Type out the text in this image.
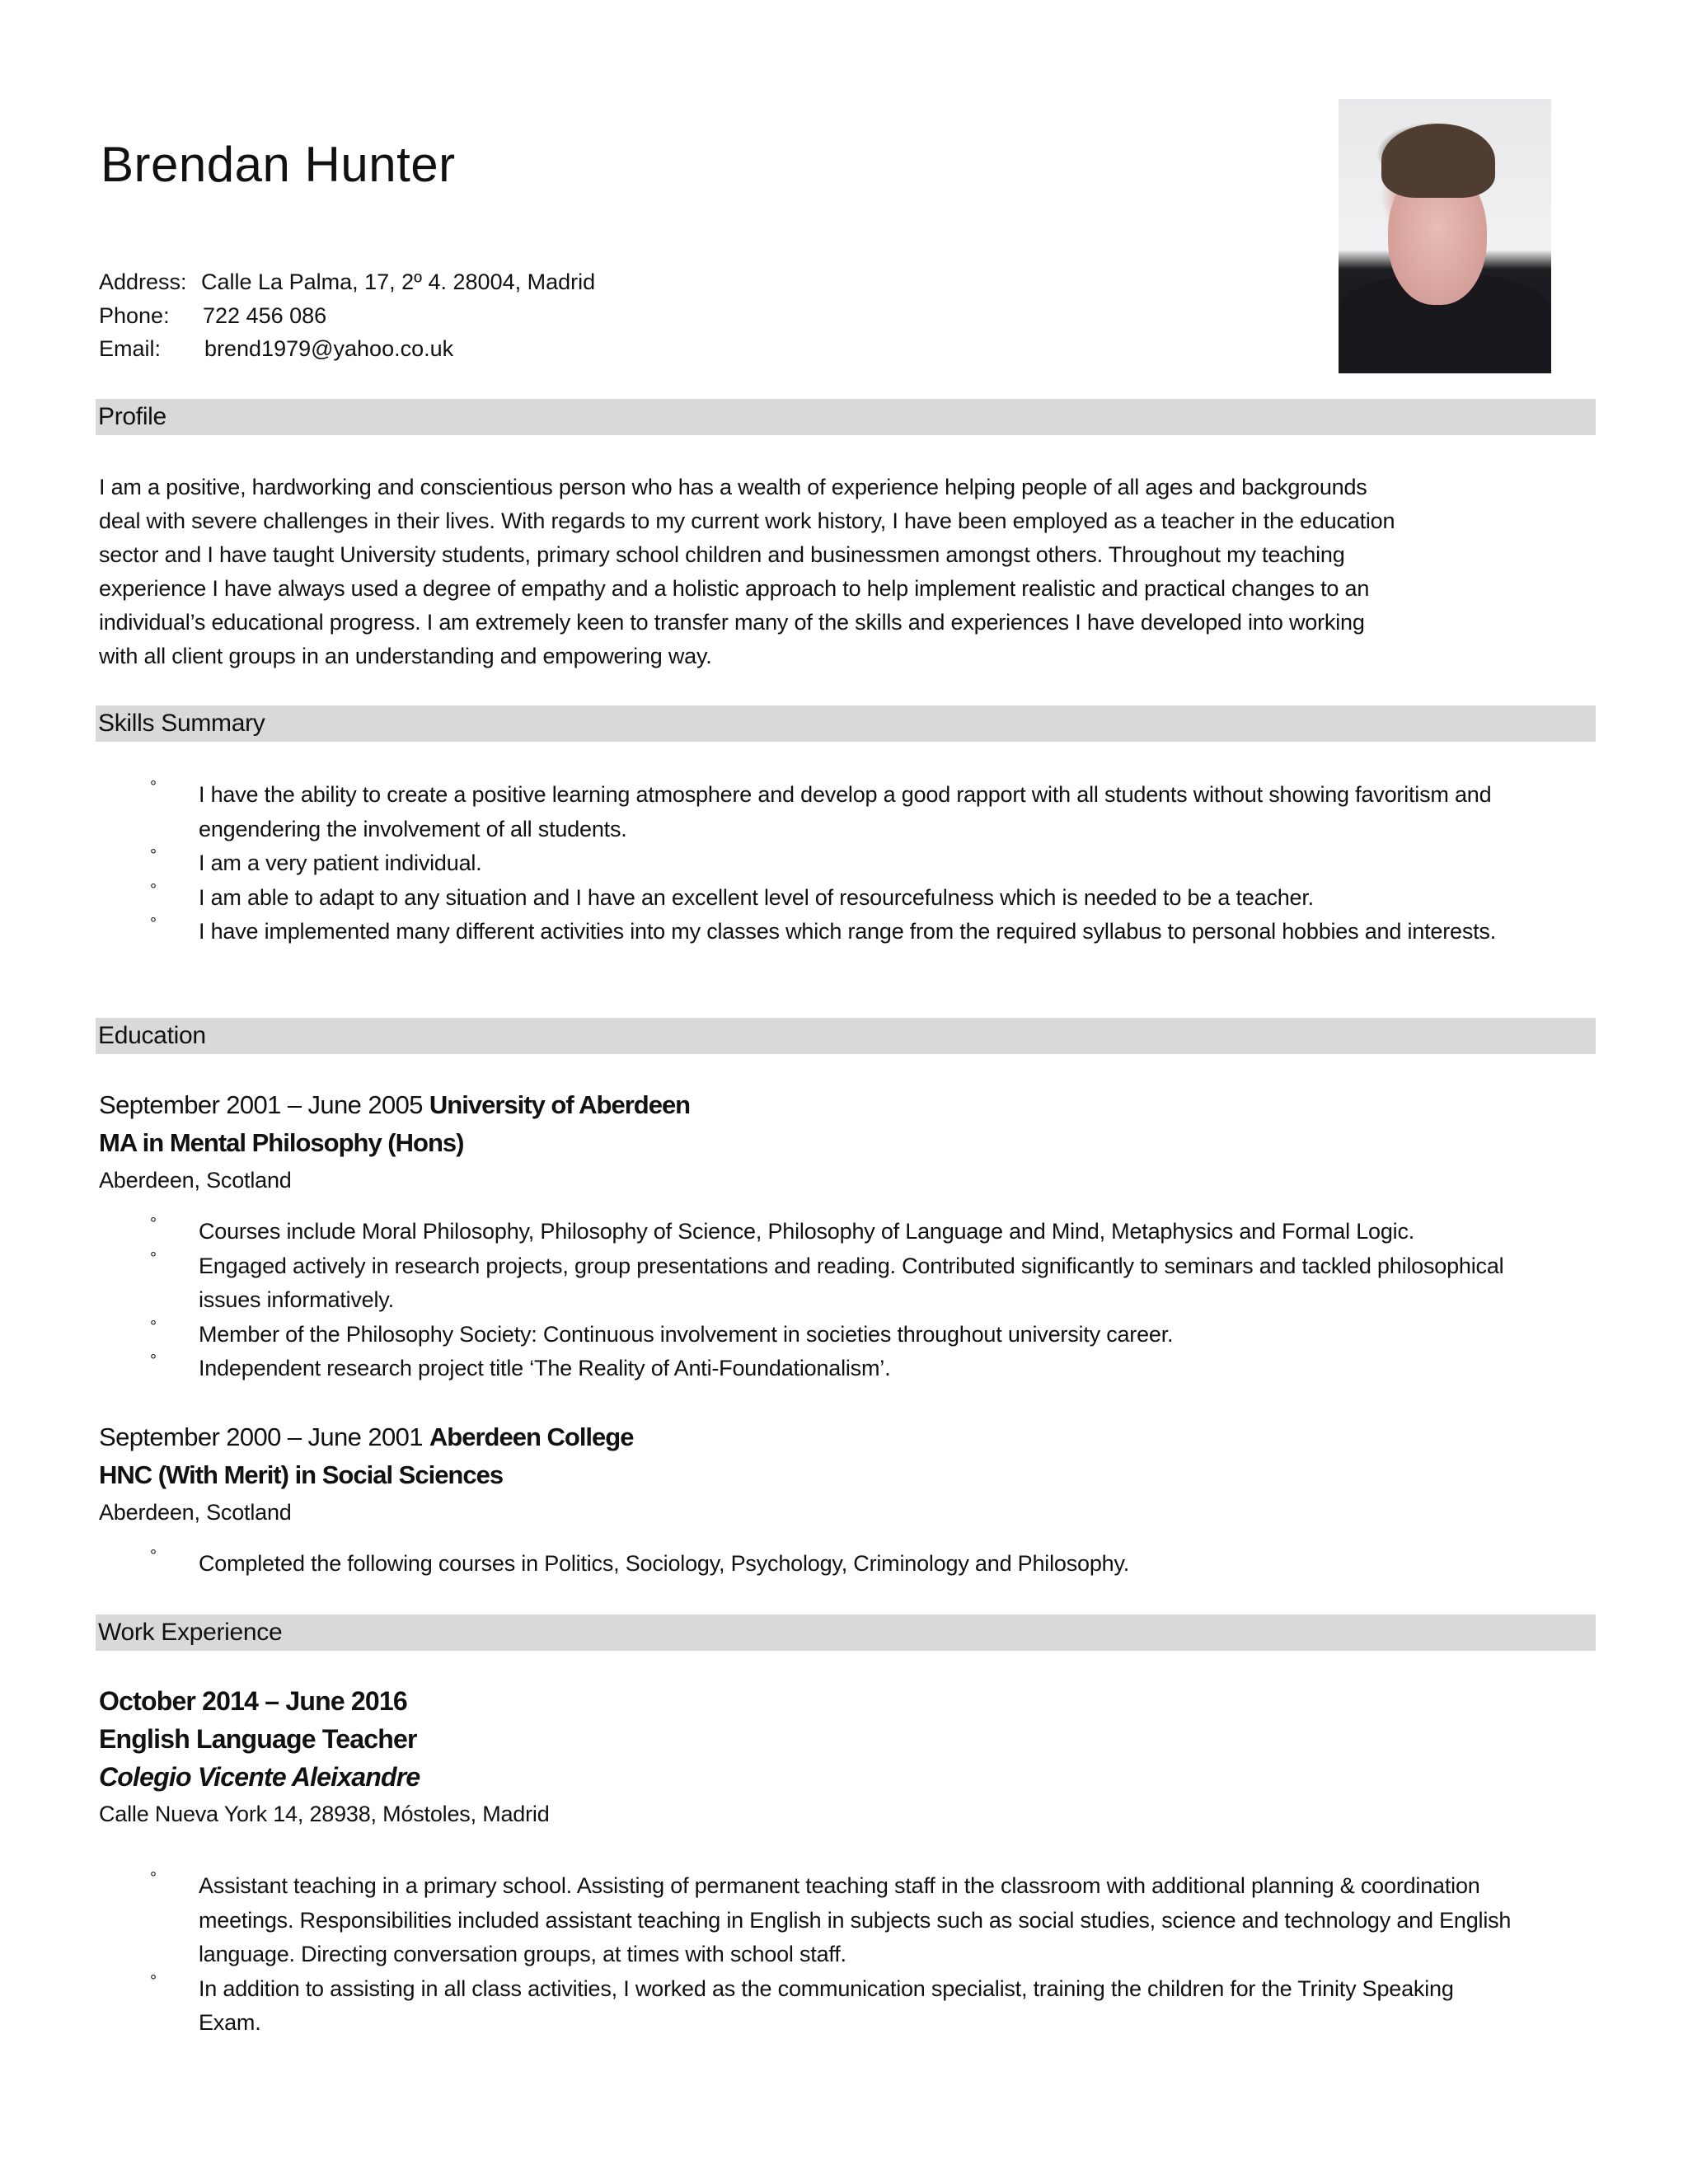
Brendan Hunter
Address: Calle La Palma, 17, 2º 4. 28004, Madrid
Phone:	722 456 086
Email:	brend1979@yahoo.co.uk
Profile

I am a positive, hardworking and conscientious person who has a wealth of experience helping people of all ages and backgrounds

deal with severe challenges in their lives. With regards to my current work history, I have been employed as a teacher in the education

sector and I have taught University students, primary school children and businessmen amongst others. Throughout my teaching

experience I have always used a degree of empathy and a holistic approach to help implement realistic and practical changes to an

individual’s educational progress. I am extremely keen to transfer many of the skills and experiences I have developed into working

with all client groups in an understanding and empowering way.

Skills Summary
° I have the ability to create a positive learning atmosphere and develop a good rapport with all students without showing favoritism and engendering the involvement of all students.
° I am a very patient individual.
° I am able to adapt to any situation and I have an excellent level of resourcefulness which is needed to be a teacher.
° I have implemented many different activities into my classes which range from the required syllabus to personal hobbies and interests.
Education
September 2001 – June 2005 University of Aberdeen
MA in Mental Philosophy (Hons)
Aberdeen, Scotland
° Courses include Moral Philosophy, Philosophy of Science, Philosophy of Language and Mind, Metaphysics and Formal Logic.
° Engaged actively in research projects, group presentations and reading. Contributed significantly to seminars and tackled philosophical issues informatively.
° Member of the Philosophy Society: Continuous involvement in societies throughout university career.
° Independent research project title ‘The Reality of Anti-Foundationalism’.
September 2000 – June 2001 Aberdeen College
HNC (With Merit) in Social Sciences
Aberdeen, Scotland
° Completed the following courses in Politics, Sociology, Psychology, Criminology and Philosophy.
Work Experience
October 2014 – June 2016
English Language Teacher
Colegio Vicente Aleixandre
Calle Nueva York 14, 28938, Móstoles, Madrid
° Assistant teaching in a primary school. Assisting of permanent teaching staff in the classroom with additional planning & coordination meetings. Responsibilities included assistant teaching in English in subjects such as social studies, science and technology and English language. Directing conversation groups, at times with school staff.
° In addition to assisting in all class activities, I worked as the communication specialist, training the children for the Trinity Speaking Exam.
